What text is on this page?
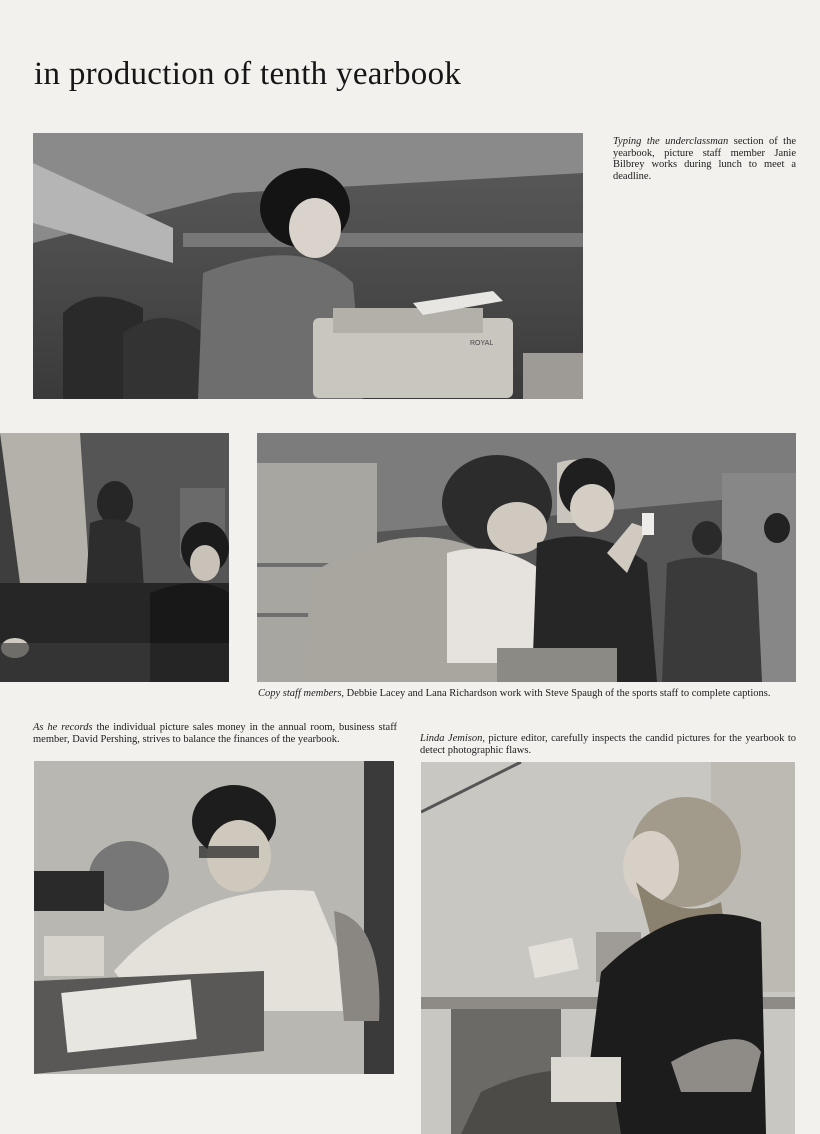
in production of tenth yearbook
ROYAL
Typing the underclassman section of the yearbook, picture staff member Janie Bilbrey works during lunch to meet a deadline.
Copy staff members, Debbie Lacey and Lana Richardson work with Steve Spaugh of the sports staff to complete captions.
As he records the individual picture sales money in the annual room, business staff member, David Pershing, strives to balance the finances of the yearbook.	Linda Jemison, picture editor, carefully inspects the candid pictures for the yearbook to detect photographic flaws.
